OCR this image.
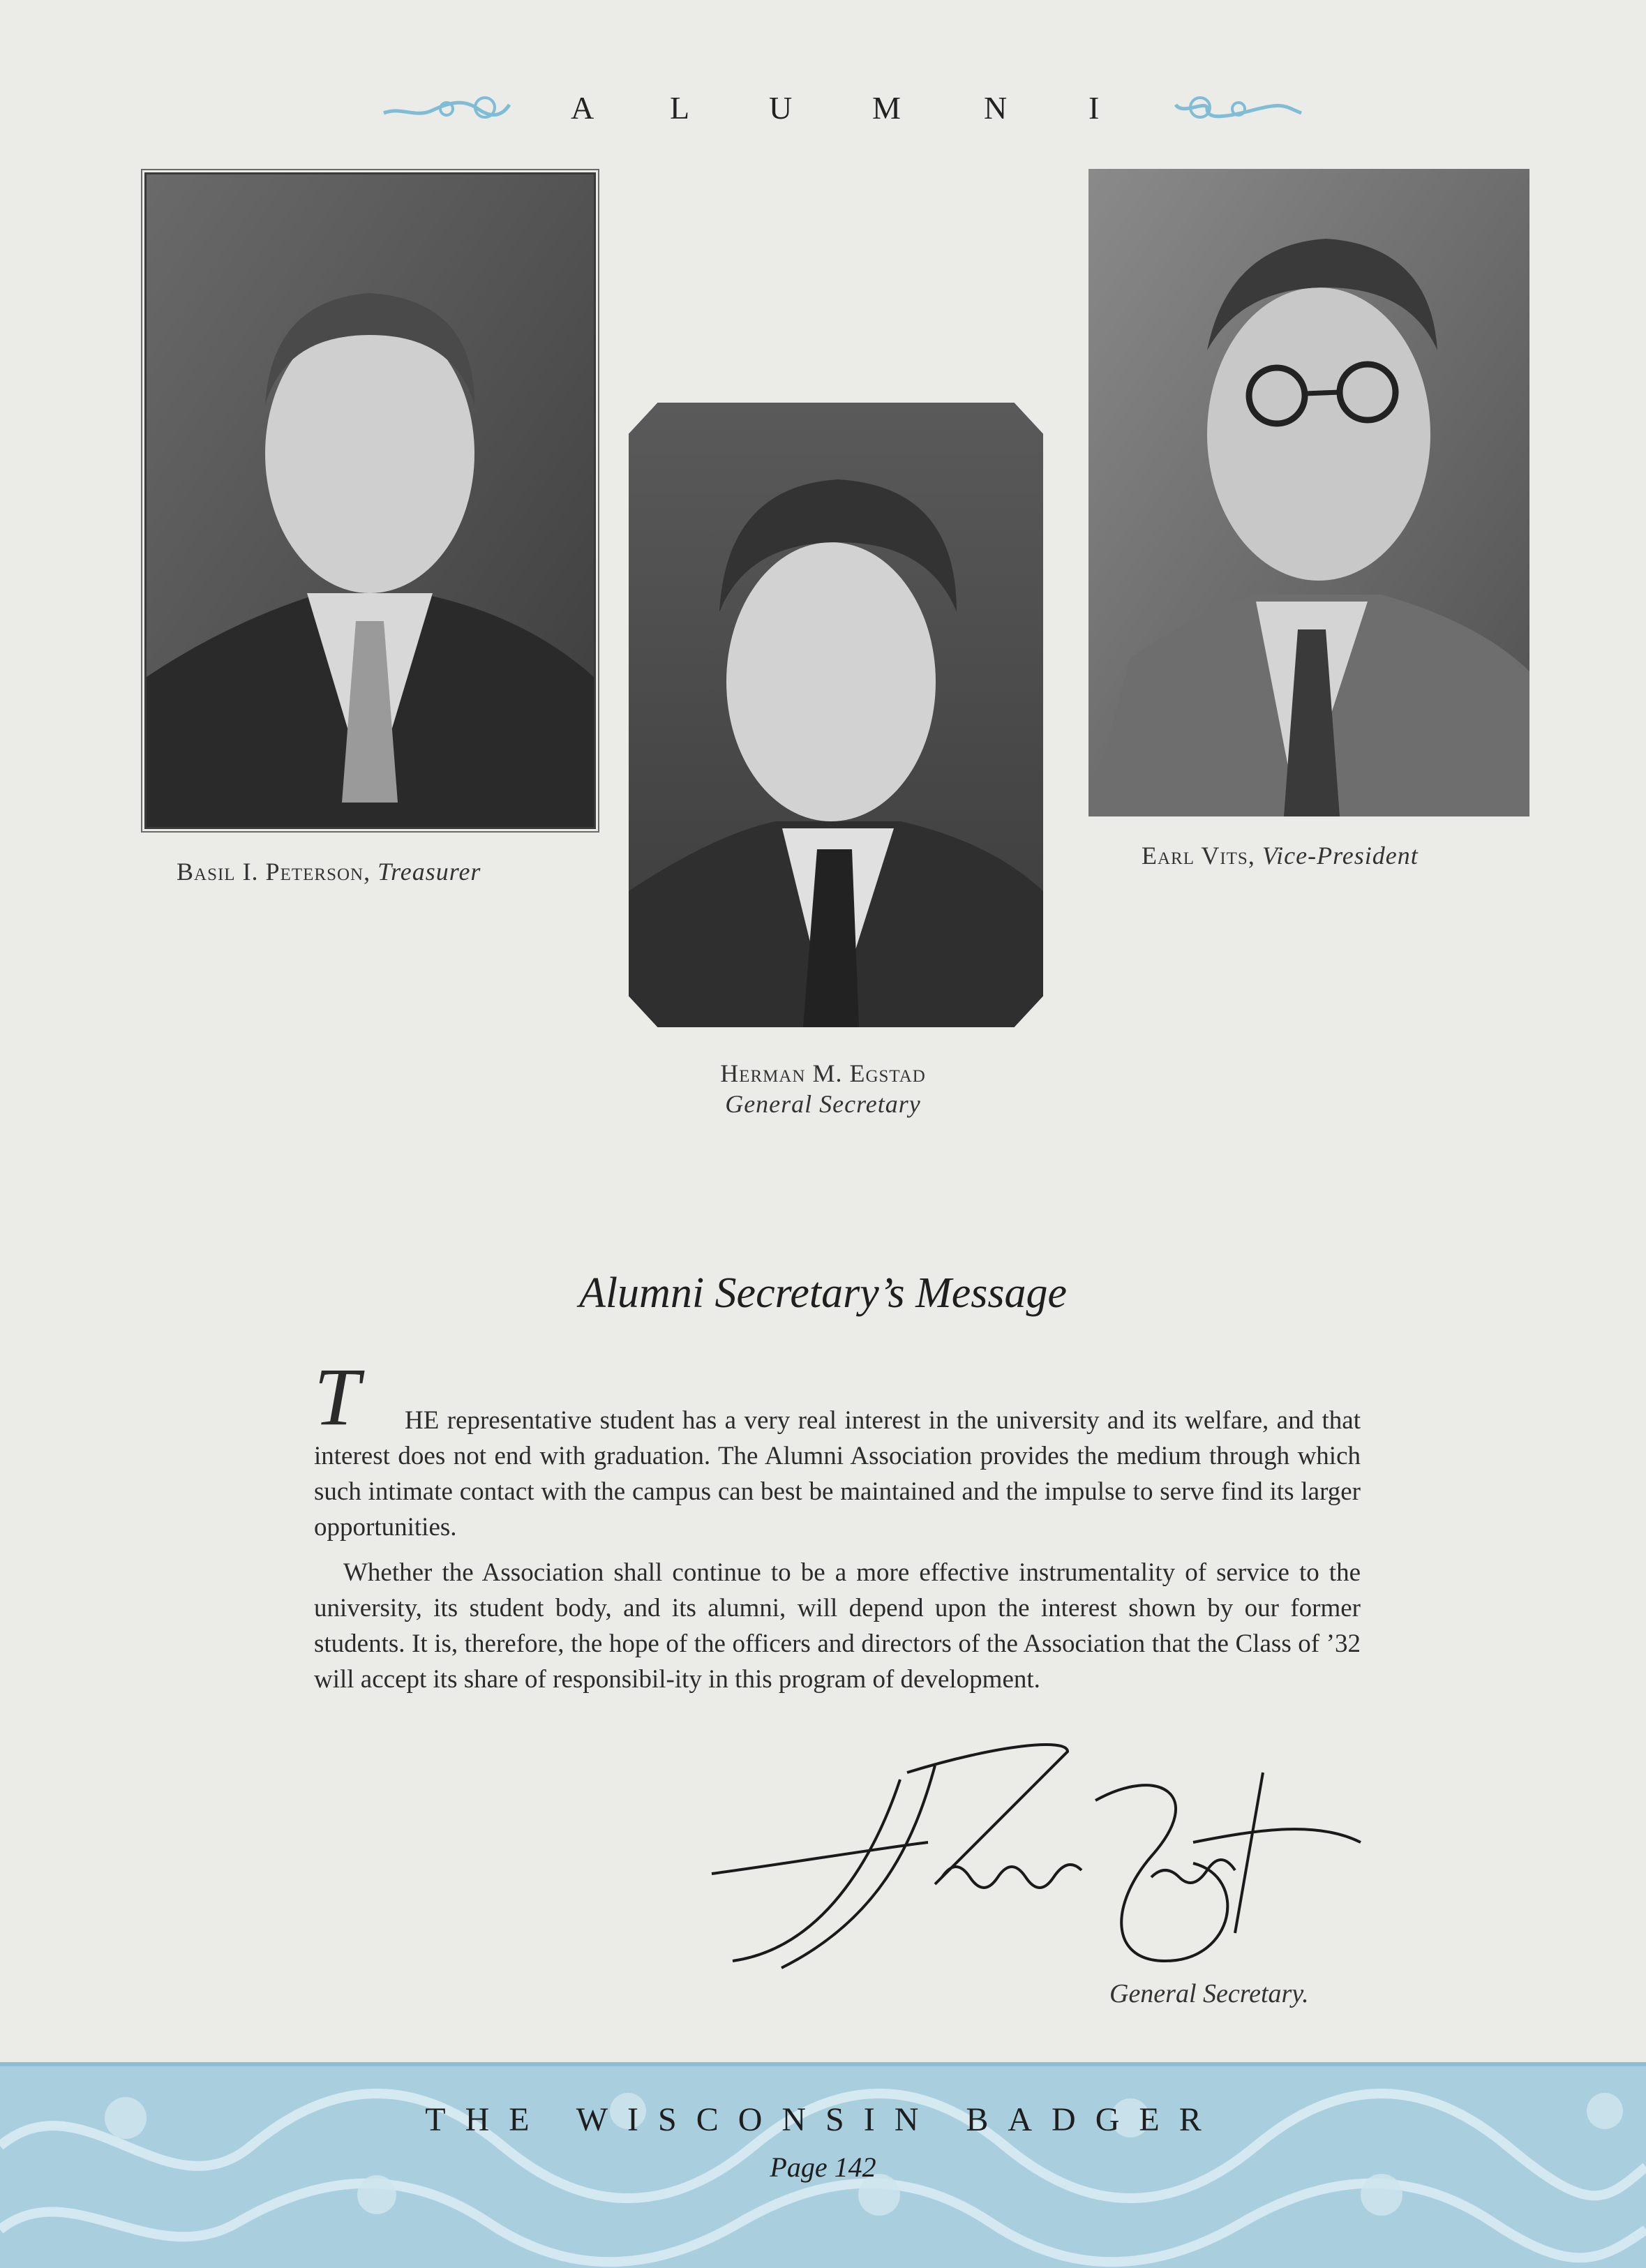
A L U M	N	I
Basil I. Peterson, Treasurer
Earl Vits, Vice-President
Herman M. Egstad
General Secretary
Alumni Secretary’s Message
T	HE representative student has a very real interest in the university and its welfare, and that interest does not end with graduation. The Alumni Association provides the medium through which such intimate contact with the campus can best be maintained and the impulse to serve find its larger opportunities.
Whether the Association shall continue to be a more effective instrumentality of service to the university, its student body, and its alumni, will depend upon the interest shown by our former students. It is, therefore, the hope of the officers and directors of the Association that the Class of ’32 will accept its share of responsibil-ity in this program of development.
General Secretary.
THE WISCONSIN BADGER
Page 142
